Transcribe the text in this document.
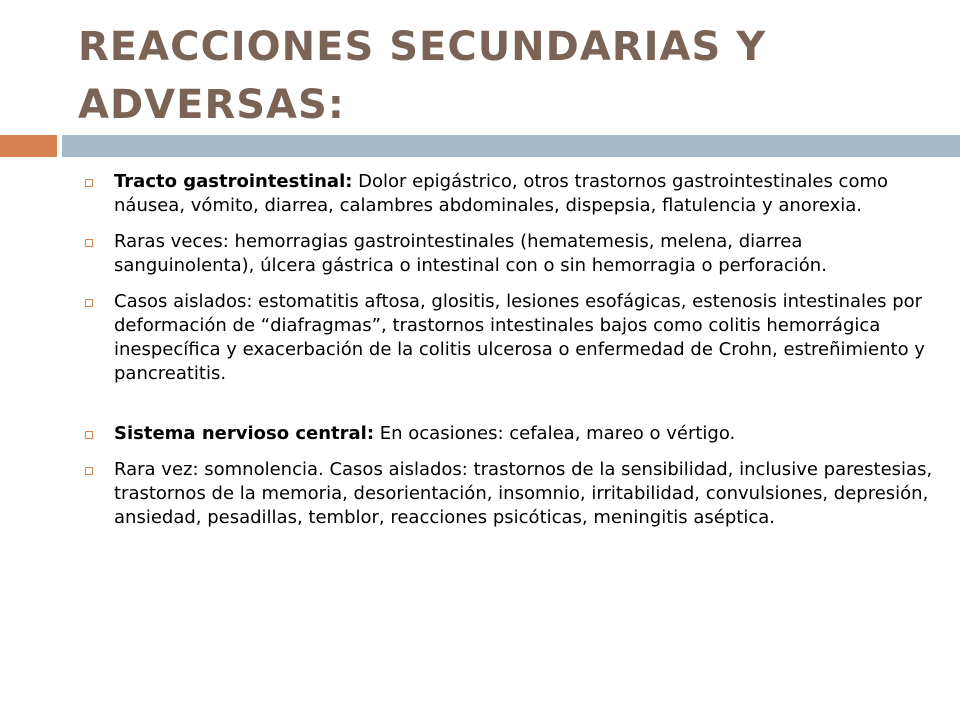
REACCIONES SECUNDARIAS Y ADVERSAS:
Tracto gastrointestinal: Dolor epigástrico, otros trastornos gastrointestinales como náusea, vómito, diarrea, calambres abdominales, dispepsia, flatulencia y anorexia.
Raras veces: hemorragias gastrointestinales (hematemesis, melena, diarrea sanguinolenta), úlcera gástrica o intestinal con o sin hemorragia o perforación.
Casos aislados: estomatitis aftosa, glositis, lesiones esofágicas, estenosis intestinales por deformación de “diafragmas”, trastornos intestinales bajos como colitis hemorrágica inespecífica y exacerbación de la colitis ulcerosa o enfermedad de Crohn, estreñimiento y pancreatitis.
Sistema nervioso central: En ocasiones: cefalea, mareo o vértigo.
Rara vez: somnolencia. Casos aislados: trastornos de la sensibilidad, inclusive parestesias, trastornos de la memoria, desorientación, insomnio, irritabilidad, convulsiones, depresión, ansiedad, pesadillas, temblor, reacciones psicóticas, meningitis aséptica.
